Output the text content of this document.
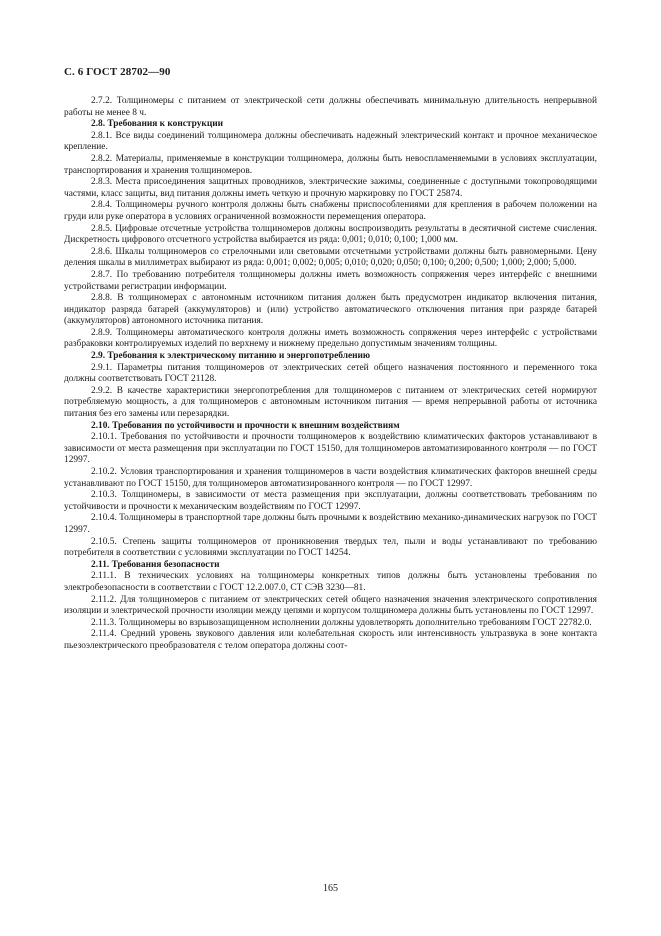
С. 6 ГОСТ 28702—90
2.7.2. Толщиномеры с питанием от электрической сети должны обеспечивать минимальную длительность непрерывной работы не менее 8 ч.
2.8. Требования к конструкции
2.8.1. Все виды соединений толщиномера должны обеспечивать надежный электрический контакт и прочное механическое крепление.
2.8.2. Материалы, применяемые в конструкции толщиномера, должны быть невоспламеняемыми в условиях эксплуатации, транспортирования и хранения толщиномеров.
2.8.3. Места присоединения защитных проводников, электрические зажимы, соединенные с доступными токопроводящими частями, класс защиты, вид питания должны иметь четкую и прочную маркировку по ГОСТ 25874.
2.8.4. Толщиномеры ручного контроля должны быть снабжены приспособлениями для крепления в рабочем положении на груди или руке оператора в условиях ограниченной возможности перемещения оператора.
2.8.5. Цифровые отсчетные устройства толщиномеров должны воспроизводить результаты в десятичной системе счисления. Дискретность цифрового отсчетного устройства выбирается из ряда: 0,001; 0,010; 0,100; 1,000 мм.
2.8.6. Шкалы толщиномеров со стрелочными или световыми отсчетными устройствами должны быть равномерными. Цену деления шкалы в миллиметрах выбирают из ряда: 0,001; 0,002; 0,005; 0,010; 0,020; 0,050; 0,100; 0,200; 0,500; 1,000; 2,000; 5,000.
2.8.7. По требованию потребителя толщиномеры должны иметь возможность сопряжения через интерфейс с внешними устройствами регистрации информации.
2.8.8. В толщиномерах с автономным источником питания должен быть предусмотрен индикатор включения питания, индикатор разряда батарей (аккумуляторов) и (или) устройство автоматического отключения питания при разряде батарей (аккумуляторов) автономного источника питания.
2.8.9. Толщиномеры автоматического контроля должны иметь возможность сопряжения через интерфейс с устройствами разбраковки контролируемых изделий по верхнему и нижнему предельно допустимым значениям толщины.
2.9. Требования к электрическому питанию и энергопотреблению
2.9.1. Параметры питания толщиномеров от электрических сетей общего назначения постоянного и переменного тока должны соответствовать ГОСТ 21128.
2.9.2. В качестве характеристики энергопотребления для толщиномеров с питанием от электрических сетей нормируют потребляемую мощность, а для толщиномеров с автономным источником питания — время непрерывной работы от источника питания без его замены или перезарядки.
2.10. Требования по устойчивости и прочности к внешним воздействиям
2.10.1. Требования по устойчивости и прочности толщиномеров к воздействию климатических факторов устанавливают в зависимости от места размещения при эксплуатации по ГОСТ 15150, для толщиномеров автоматизированного контроля — по ГОСТ 12997.
2.10.2. Условия транспортирования и хранения толщиномеров в части воздействия климатических факторов внешней среды устанавливают по ГОСТ 15150, для толщиномеров автоматизированного контроля — по ГОСТ 12997.
2.10.3. Толщиномеры, в зависимости от места размещения при эксплуатации, должны соответствовать требованиям по устойчивости и прочности к механическим воздействиям по ГОСТ 12997.
2.10.4. Толщиномеры в транспортной таре должны быть прочными к воздействию механико-динамических нагрузок по ГОСТ 12997.
2.10.5. Степень защиты толщиномеров от проникновения твердых тел, пыли и воды устанавливают по требованию потребителя в соответствии с условиями эксплуатации по ГОСТ 14254.
2.11. Требования безопасности
2.11.1. В технических условиях на толщиномеры конкретных типов должны быть установлены требования по электробезопасности в соответствии с ГОСТ 12.2.007.0, СТ СЭВ 3230—81.
2.11.2. Для толщиномеров с питанием от электрических сетей общего назначения значения электрического сопротивления изоляции и электрической прочности изоляции между цепями и корпусом толщиномера должны быть установлены по ГОСТ 12997.
2.11.3. Толщиномеры во взрывозащищенном исполнении должны удовлетворять дополнительно требованиям ГОСТ 22782.0.
2.11.4. Средний уровень звукового давления или колебательная скорость или интенсивность ультразвука в зоне контакта пьезоэлектрического преобразователя с телом оператора должны соот-
165
